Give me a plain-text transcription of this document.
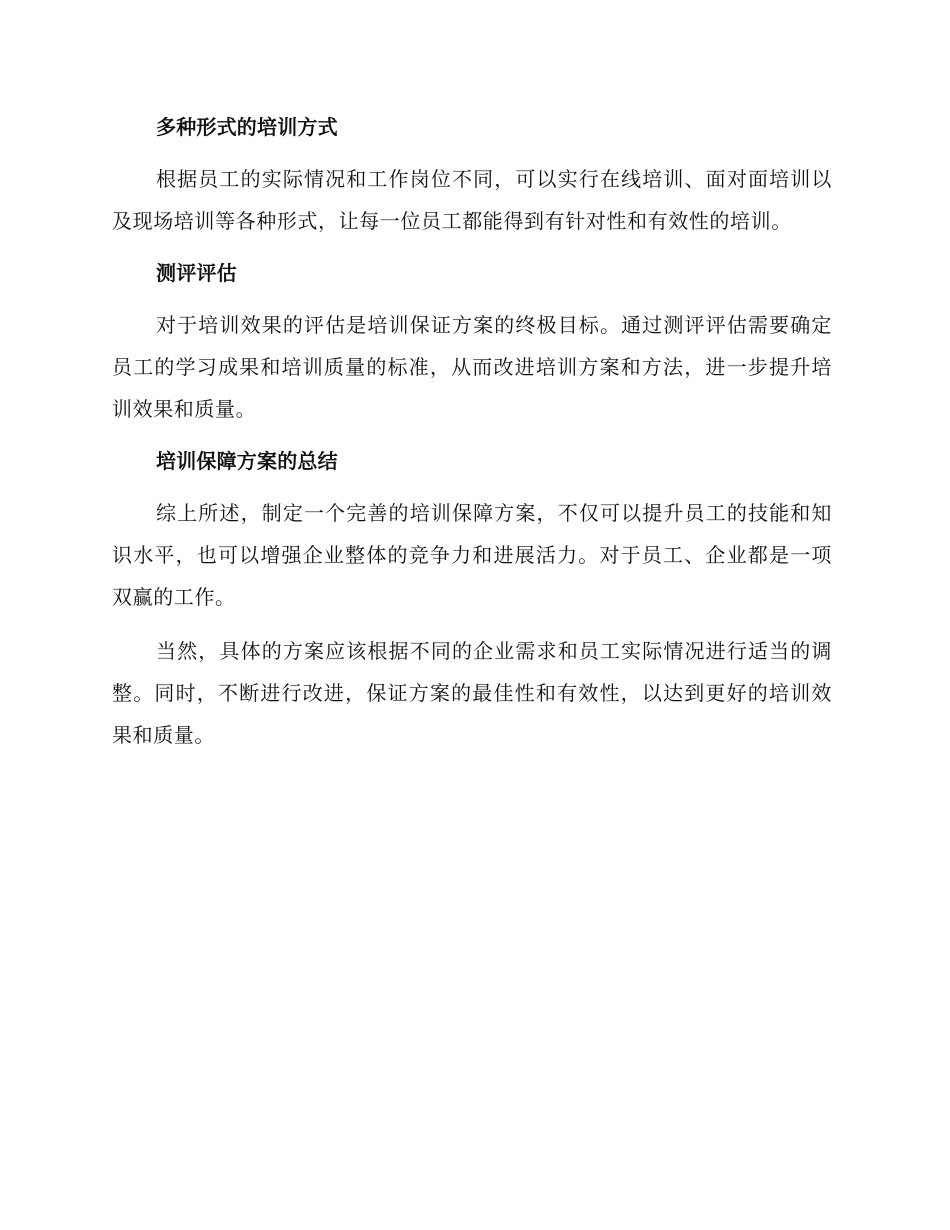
多种形式的培训方式

根据员工的实际情况和工作岗位不同，可以实行在线培训、面对面培训以及现场培训等各种形式，让每一位员工都能得到有针对性和有效性的培训。

测评评估

对于培训效果的评估是培训保证方案的终极目标。通过测评评估需要确定员工的学习成果和培训质量的标准，从而改进培训方案和方法，进一步提升培训效果和质量。

培训保障方案的总结

综上所述，制定一个完善的培训保障方案，不仅可以提升员工的技能和知识水平，也可以增强企业整体的竞争力和进展活力。对于员工、企业都是一项双赢的工作。

当然，具体的方案应该根据不同的企业需求和员工实际情况进行适当的调整。同时，不断进行改进，保证方案的最佳性和有效性，以达到更好的培训效果和质量。
